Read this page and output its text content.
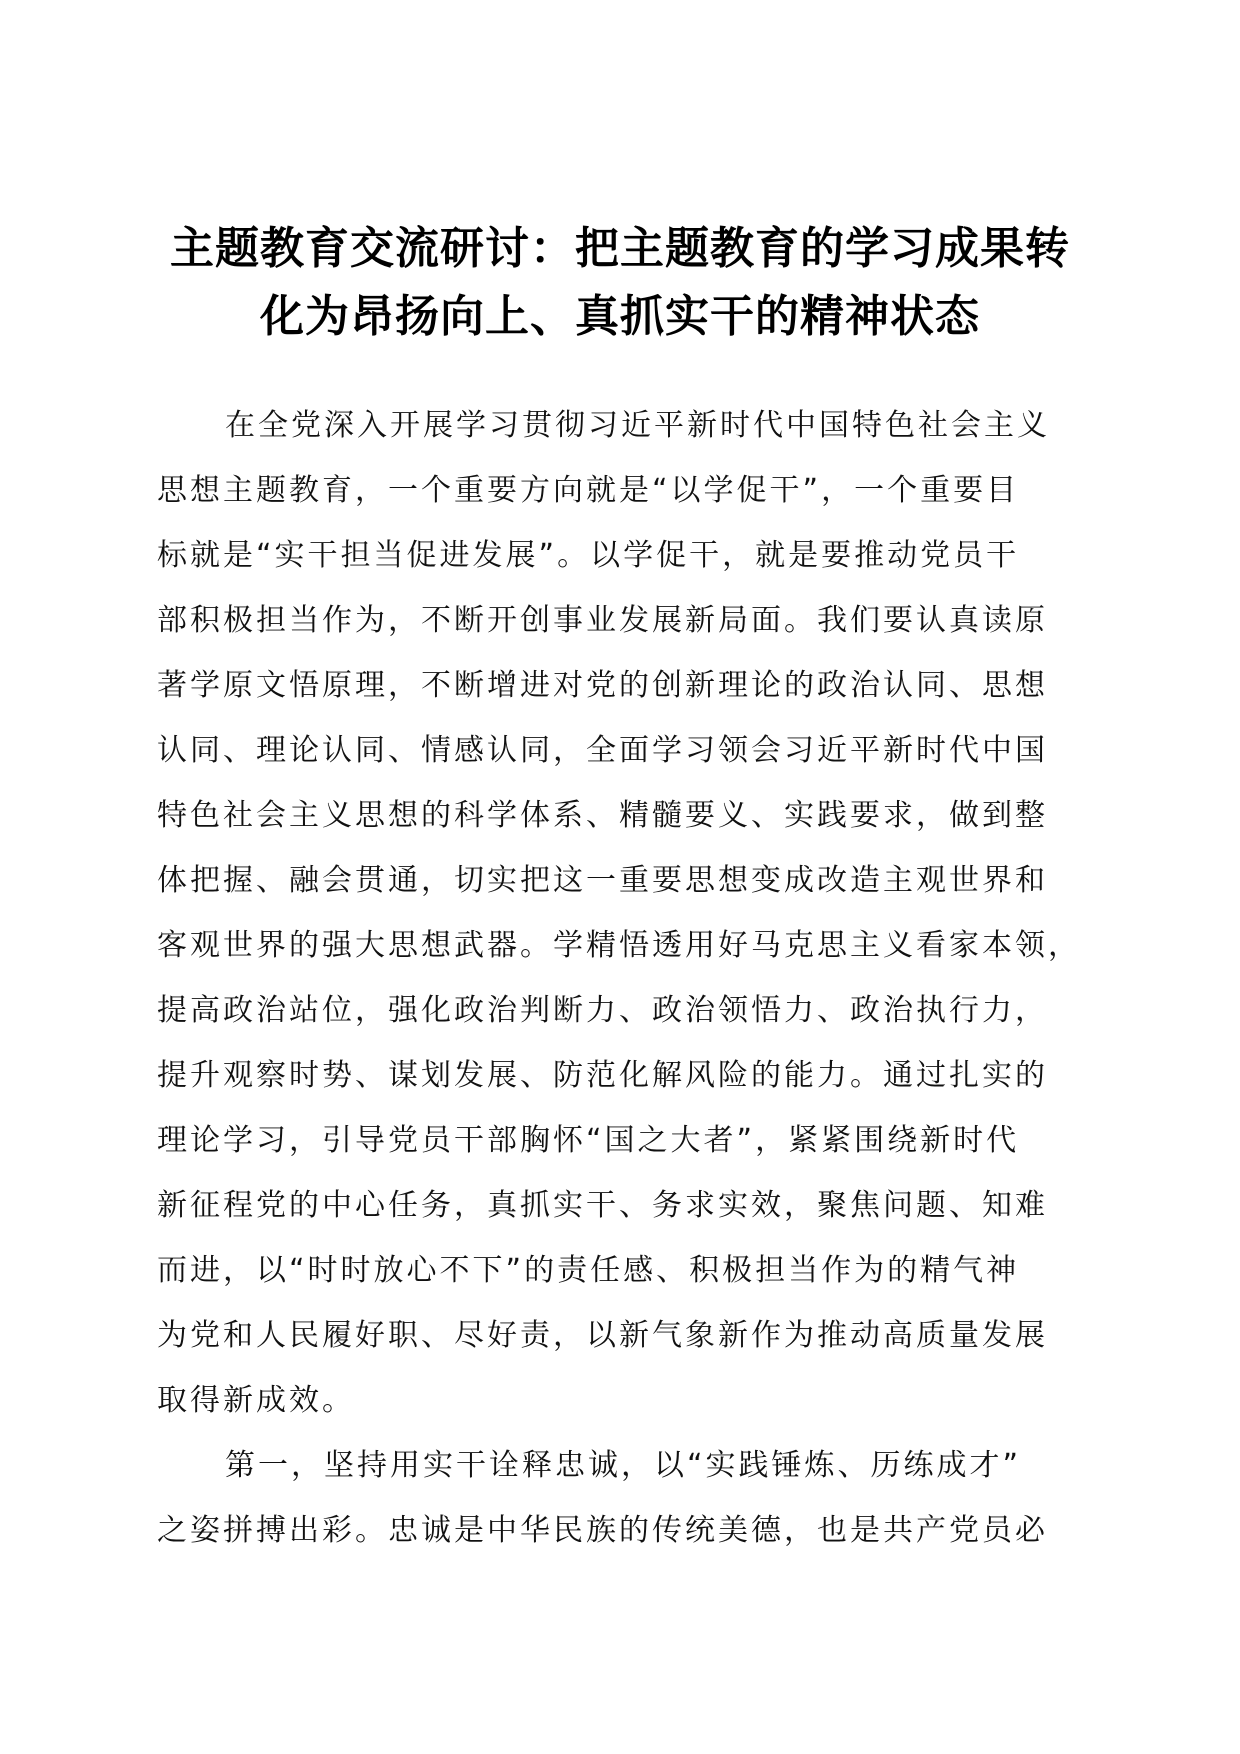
主题教育交流研讨：把主题教育的学习成果转
化为昂扬向上、真抓实干的精神状态
在全党深入开展学习贯彻习近平新时代中国特色社会主义
思想主题教育，一个重要方向就是“以学促干”，一个重要目
标就是“实干担当促进发展”。以学促干，就是要推动党员干
部积极担当作为，不断开创事业发展新局面。我们要认真读原
著学原文悟原理，不断增进对党的创新理论的政治认同、思想
认同、理论认同、情感认同，全面学习领会习近平新时代中国
特色社会主义思想的科学体系、精髓要义、实践要求，做到整
体把握、融会贯通，切实把这一重要思想变成改造主观世界和
客观世界的强大思想武器。学精悟透用好马克思主义看家本领，
提高政治站位，强化政治判断力、政治领悟力、政治执行力，
提升观察时势、谋划发展、防范化解风险的能力。通过扎实的
理论学习，引导党员干部胸怀“国之大者”，紧紧围绕新时代
新征程党的中心任务，真抓实干、务求实效，聚焦问题、知难
而进，以“时时放心不下”的责任感、积极担当作为的精气神
为党和人民履好职、尽好责，以新气象新作为推动高质量发展
取得新成效。
第一，坚持用实干诠释忠诚，以“实践锤炼、历练成才”
之姿拼搏出彩。忠诚是中华民族的传统美德，也是共产党员必
